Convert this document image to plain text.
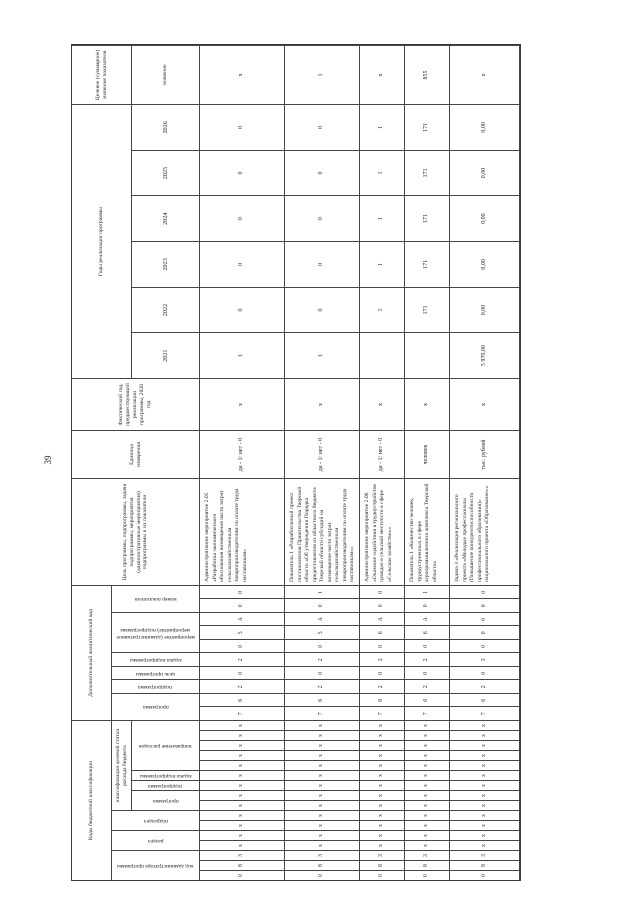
39
Коды бюджетной классификации
код администратора программы
раздел
подраздел
классификация целевой статьи расхода бюджета
программа
подпрограмма
задача подпрограммы
направление расходов
Дополнительный аналитический код
программа
подпрограмма
цель программы
задача подпрограммы
мероприятие (административное мероприятие) подпрограммы
номер показателя
Цель программы, подпрограммы, задачи подпрограммы, мероприятия (административные мероприятия) подпрограммы и их показатели
Единица измерения
Фактический год, предшествующий реализации программы, 2020 год
Годы реализации программы
2021
2022
2023
2024
2025
2026
Целевое (суммарное) значение показателя	значение
0
8
3
х
х
х
х
х
х
х
х
х
х
х
х
х
7
6
2
0
2
0
5
А
0
0
Административное мероприятие 2.05 «Разработка экономического обоснования возмещения части затрат сельскохозяйственным товаропроизводителям по оплате труда наставникам»
да - 1/ нет - 0
х
1
0
0
0
0
0
х
0
8
3
х
х
х
х
х
х
х
х
х
х
х
х
х
7
6
2
0
2
0
5
А
0
1
Показатель 1 «Разработанный проект постановления Правительства Тверской области «Об утверждении Порядка предоставления из областного бюджета Тверской области субсидий на возмещение части затрат сельскохозяйственным товаропроизводителям по оплате труда наставникам»»
да - 1/ нет - 0
х
1
0
0
0
0
0
1
0
8
3
х
х
х
х
х
х
х
х
х
х
х
х
х
7
6
2
0
2
0
6
А
0
0
Административное мероприятие 2.06 «Оказание содействия в трудоустройстве граждан в сельской местности в сфере «Сельское хозяйство»»
да - 1/ нет - 0
х
1
1
1
1
1
х
0
8
3
х
х
х
х
х
х
х
х
х
х
х
х
х
7
6
2
0
2
0
6
А
0
1
Показатель 1 «Количество человек, трудоустроенных в сфере агропромышленного комплекса Тверской области»
человек
х
171
171
171
171
171
855
0
8
3
х
х
х
х
х
х
х
х
х
х
х
х
х
7
6
2
0
3
0
0
0
0
0
Задача 3 «Реализация регионального проекта «Молодые профессионалы (Повышение конкурентоспособности профессионального образования)» национального проекта «Образование»»
тыс. рублей
х
5 970,00
0,00
0,00
0,00
0,00
0,00
х
